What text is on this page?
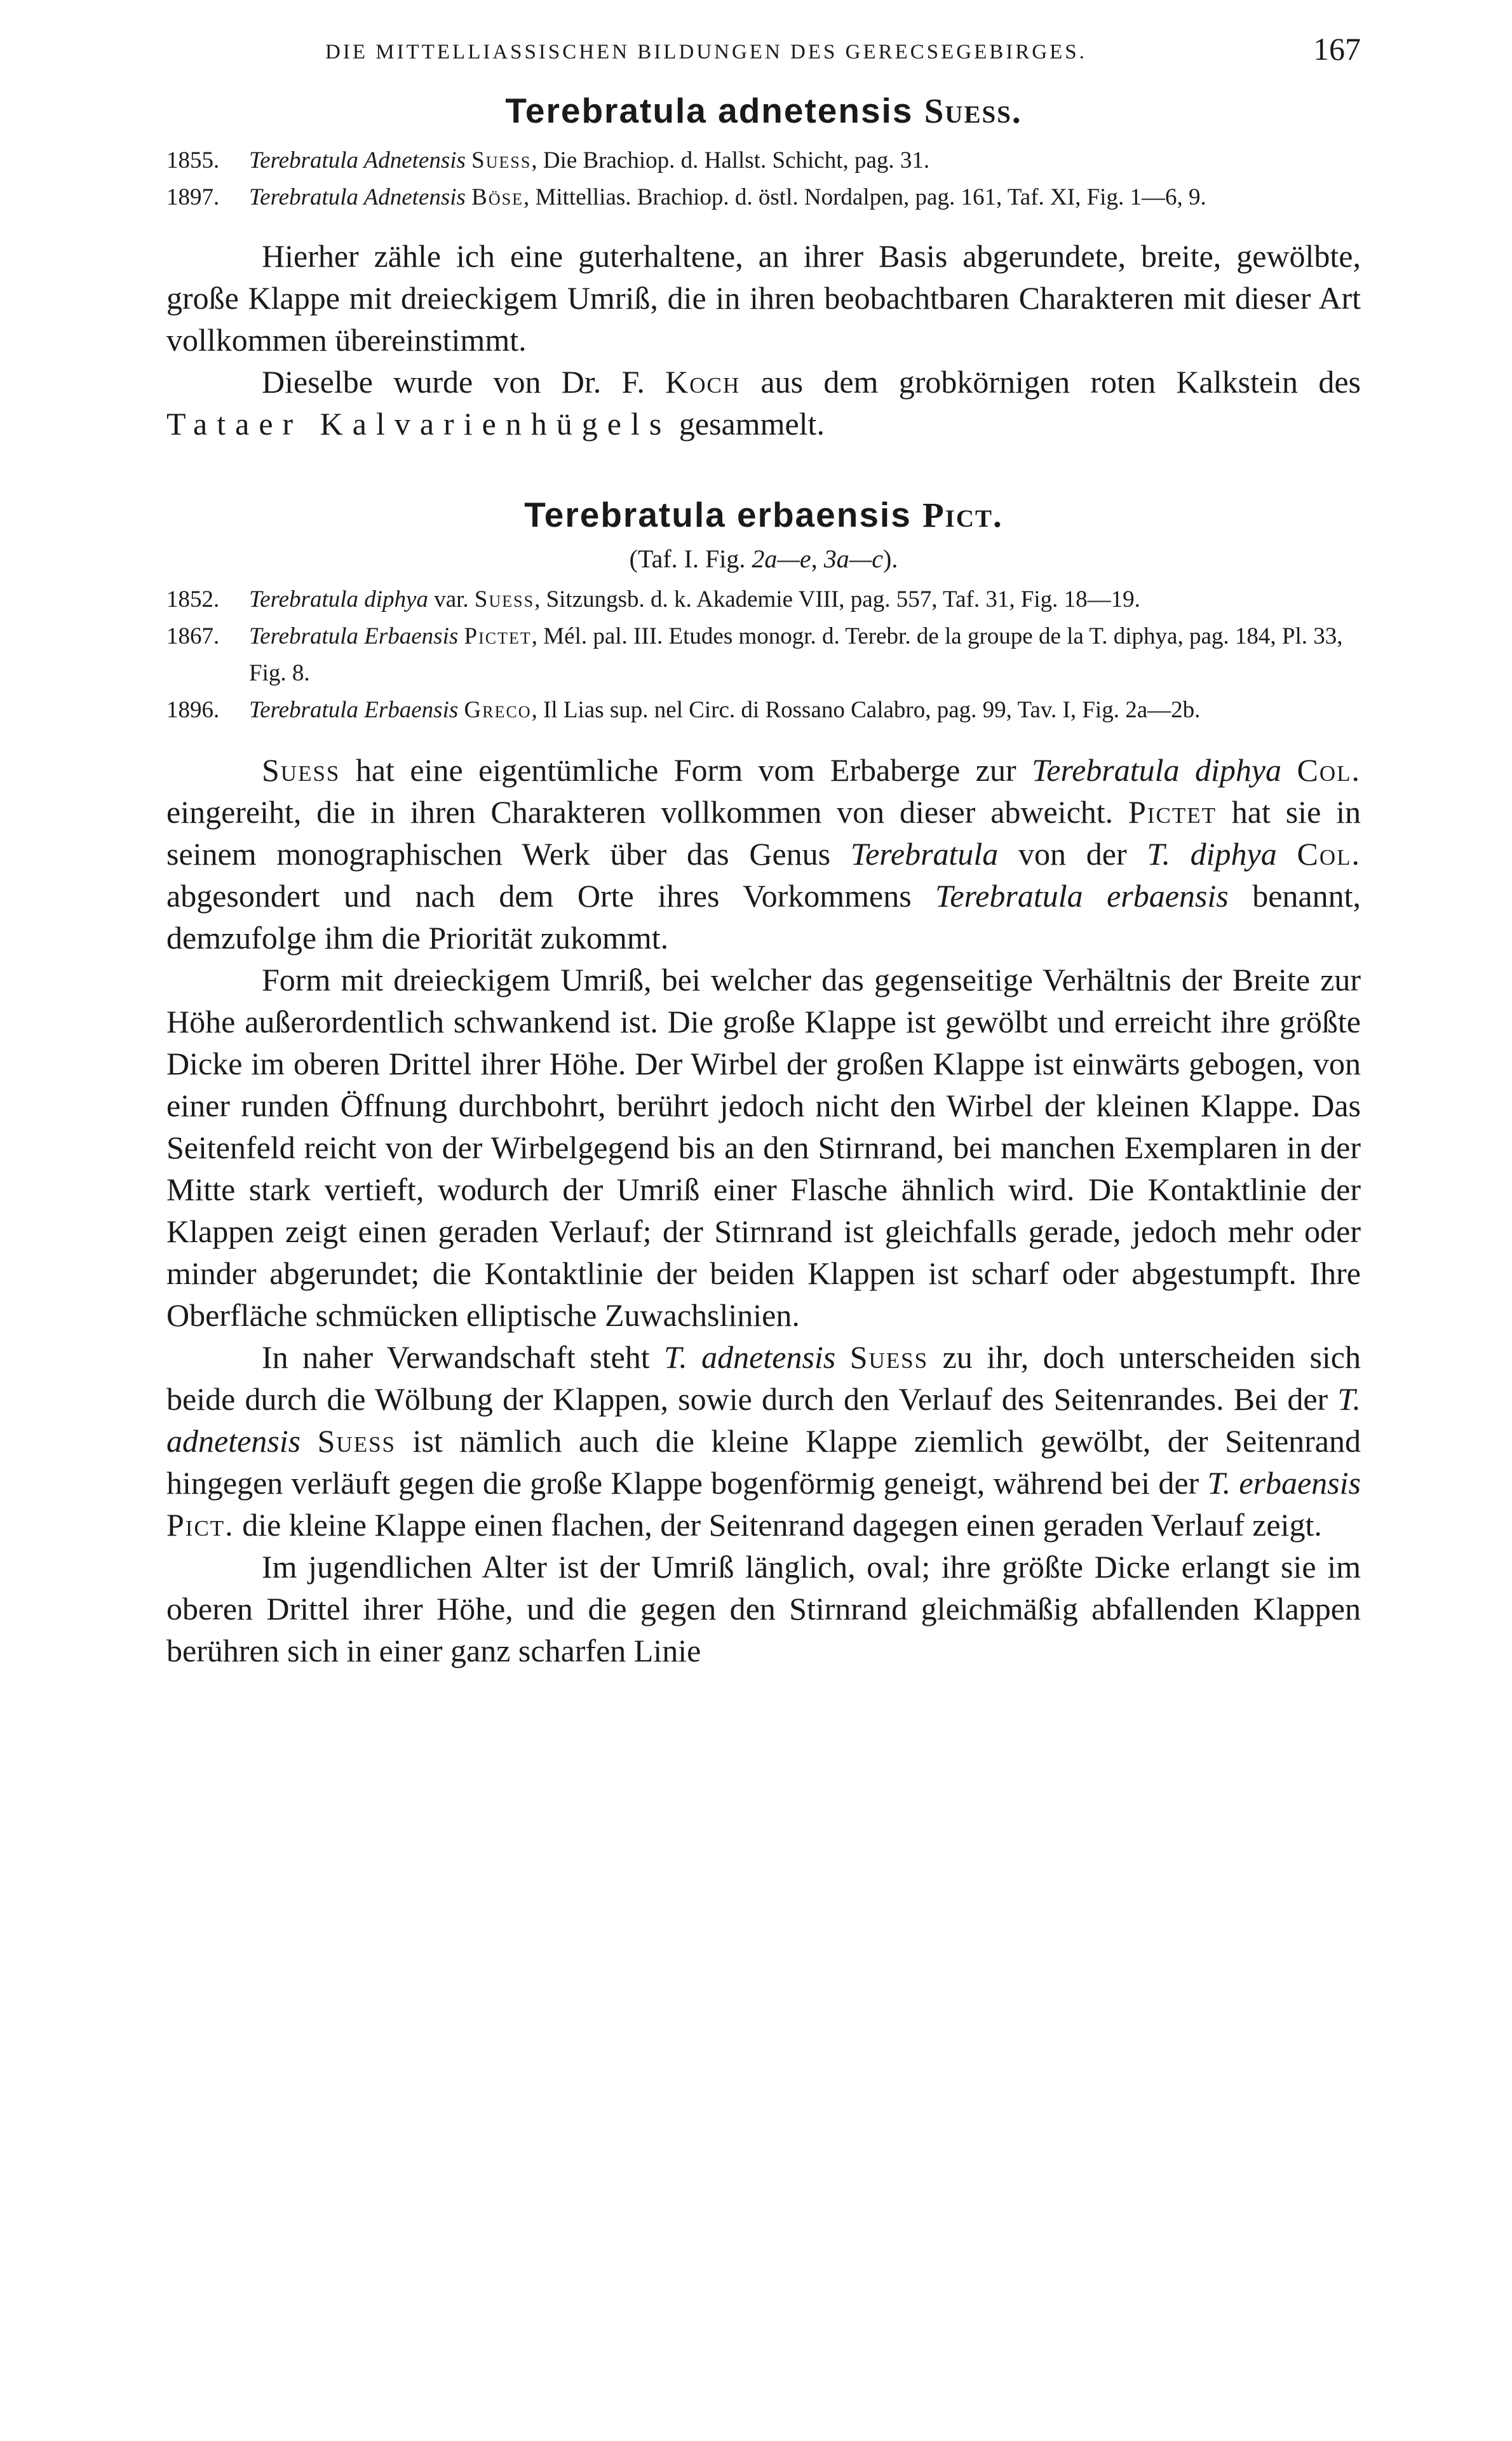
DIE MITTELLIASSISCHEN BILDUNGEN DES GERECSEGEBIRGES.	167
Terebratula adnetensis Suess.
1855. Terebratula Adnetensis Suess, Die Brachiop. d. Hallst. Schicht, pag. 31.
1897. Terebratula Adnetensis Böse, Mittellias. Brachiop. d. östl. Nordalpen, pag. 161, Taf. XI, Fig. 1—6, 9.

Hierher zähle ich eine guterhaltene, an ihrer Basis abgerundete, breite, gewölbte, große Klappe mit dreieckigem Umriß, die in ihren beobachtbaren Charakteren mit dieser Art vollkommen übereinstimmt.

Dieselbe wurde von Dr. F. Koch aus dem grobkörnigen roten Kalkstein des Tataer Kalvarienhügels gesammelt.

Terebratula erbaensis Pict.
(Taf. I. Fig. 2a—e, 3a—c).
1852. Terebratula diphya var. Suess, Sitzungsb. d. k. Akademie VIII, pag. 557, Taf. 31, Fig. 18—19.
1867. Terebratula Erbaensis Pictet, Mél. pal. III. Etudes monogr. d. Terebr. de la groupe de la T. diphya, pag. 184, Pl. 33, Fig. 8.
1896. Terebratula Erbaensis Greco, Il Lias sup. nel Circ. di Rossano Calabro, pag. 99, Tav. I, Fig. 2a—2b.

Suess hat eine eigentümliche Form vom Erbaberge zur Terebratula diphya Col. eingereiht, die in ihren Charakteren vollkommen von dieser abweicht. Pictet hat sie in seinem monographischen Werk über das Genus Terebratula von der T. diphya Col. abgesondert und nach dem Orte ihres Vorkommens Terebratula erbaensis benannt, demzufolge ihm die Priorität zukommt.

Form mit dreieckigem Umriß, bei welcher das gegenseitige Verhältnis der Breite zur Höhe außerordentlich schwankend ist. Die große Klappe ist gewölbt und erreicht ihre größte Dicke im oberen Drittel ihrer Höhe. Der Wirbel der großen Klappe ist einwärts gebogen, von einer runden Öffnung durchbohrt, berührt jedoch nicht den Wirbel der kleinen Klappe. Das Seitenfeld reicht von der Wirbelgegend bis an den Stirnrand, bei manchen Exemplaren in der Mitte stark vertieft, wodurch der Umriß einer Flasche ähnlich wird. Die Kontaktlinie der Klappen zeigt einen geraden Verlauf; der Stirnrand ist gleichfalls gerade, jedoch mehr oder minder abgerundet; die Kontaktlinie der beiden Klappen ist scharf oder abgestumpft. Ihre Oberfläche schmücken elliptische Zuwachslinien.

In naher Verwandschaft steht T. adnetensis Suess zu ihr, doch unterscheiden sich beide durch die Wölbung der Klappen, sowie durch den Verlauf des Seitenrandes. Bei der T. adnetensis Suess ist nämlich auch die kleine Klappe ziemlich gewölbt, der Seitenrand hingegen verläuft gegen die große Klappe bogenförmig geneigt, während bei der T. erbaensis Pict. die kleine Klappe einen flachen, der Seitenrand dagegen einen geraden Verlauf zeigt.

Im jugendlichen Alter ist der Umriß länglich, oval; ihre größte Dicke erlangt sie im oberen Drittel ihrer Höhe, und die gegen den Stirnrand gleichmäßig abfallenden Klappen berühren sich in einer ganz scharfen Linie
